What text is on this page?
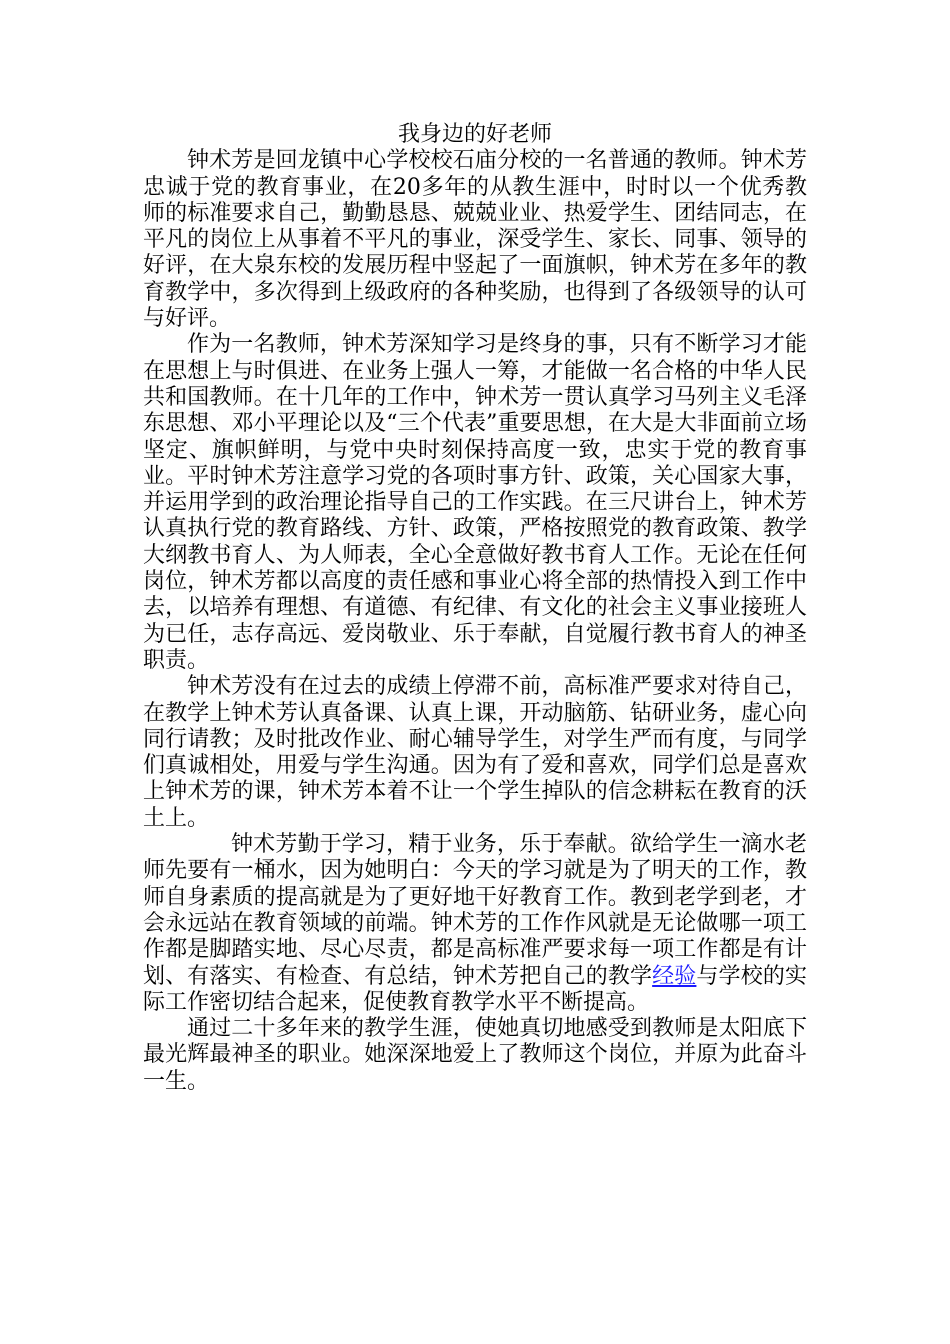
我身边的好老师

钟术芳是回龙镇中心学校校石庙分校的一名普通的教师。钟术芳忠诚于党的教育事业，在20多年的从教生涯中，时时以一个优秀教师的标准要求自己，勤勤恳恳、兢兢业业、热爱学生、团结同志，在平凡的岗位上从事着不平凡的事业，深受学生、家长、同事、领导的好评，在大泉东校的发展历程中竖起了一面旗帜，钟术芳在多年的教育教学中，多次得到上级政府的各种奖励，也得到了各级领导的认可与好评。

作为一名教师，钟术芳深知学习是终身的事，只有不断学习才能在思想上与时俱进、在业务上强人一筹，才能做一名合格的中华人民共和国教师。在十几年的工作中，钟术芳一贯认真学习马列主义毛泽东思想、邓小平理论以及“三个代表”重要思想，在大是大非面前立场坚定、旗帜鲜明，与党中央时刻保持高度一致，忠实于党的教育事业。平时钟术芳注意学习党的各项时事方针、政策，关心国家大事，并运用学到的政治理论指导自己的工作实践。在三尺讲台上，钟术芳认真执行党的教育路线、方针、政策，严格按照党的教育政策、教学大纲教书育人、为人师表，全心全意做好教书育人工作。无论在任何岗位，钟术芳都以高度的责任感和事业心将全部的热情投入到工作中去，以培养有理想、有道德、有纪律、有文化的社会主义事业接班人为已任，志存高远、爱岗敬业、乐于奉献，自觉履行教书育人的神圣职责。

钟术芳没有在过去的成绩上停滞不前，高标准严要求对待自己，在教学上钟术芳认真备课、认真上课，开动脑筋、钻研业务，虚心向同行请教；及时批改作业、耐心辅导学生，对学生严而有度，与同学们真诚相处，用爱与学生沟通。因为有了爱和喜欢，同学们总是喜欢上钟术芳的课，钟术芳本着不让一个学生掉队的信念耕耘在教育的沃土上。

钟术芳勤于学习，精于业务，乐于奉献。欲给学生一滴水老师先要有一桶水，因为她明白：今天的学习就是为了明天的工作，教师自身素质的提高就是为了更好地干好教育工作。教到老学到老，才会永远站在教育领域的前端。钟术芳的工作作风就是无论做哪一项工作都是脚踏实地、尽心尽责，都是高标准严要求每一项工作都是有计划、有落实、有检查、有总结，钟术芳把自己的教学经验与学校的实际工作密切结合起来，促使教育教学水平不断提高。

通过二十多年来的教学生涯，使她真切地感受到教师是太阳底下最光辉最神圣的职业。她深深地爱上了教师这个岗位，并原为此奋斗一生。
